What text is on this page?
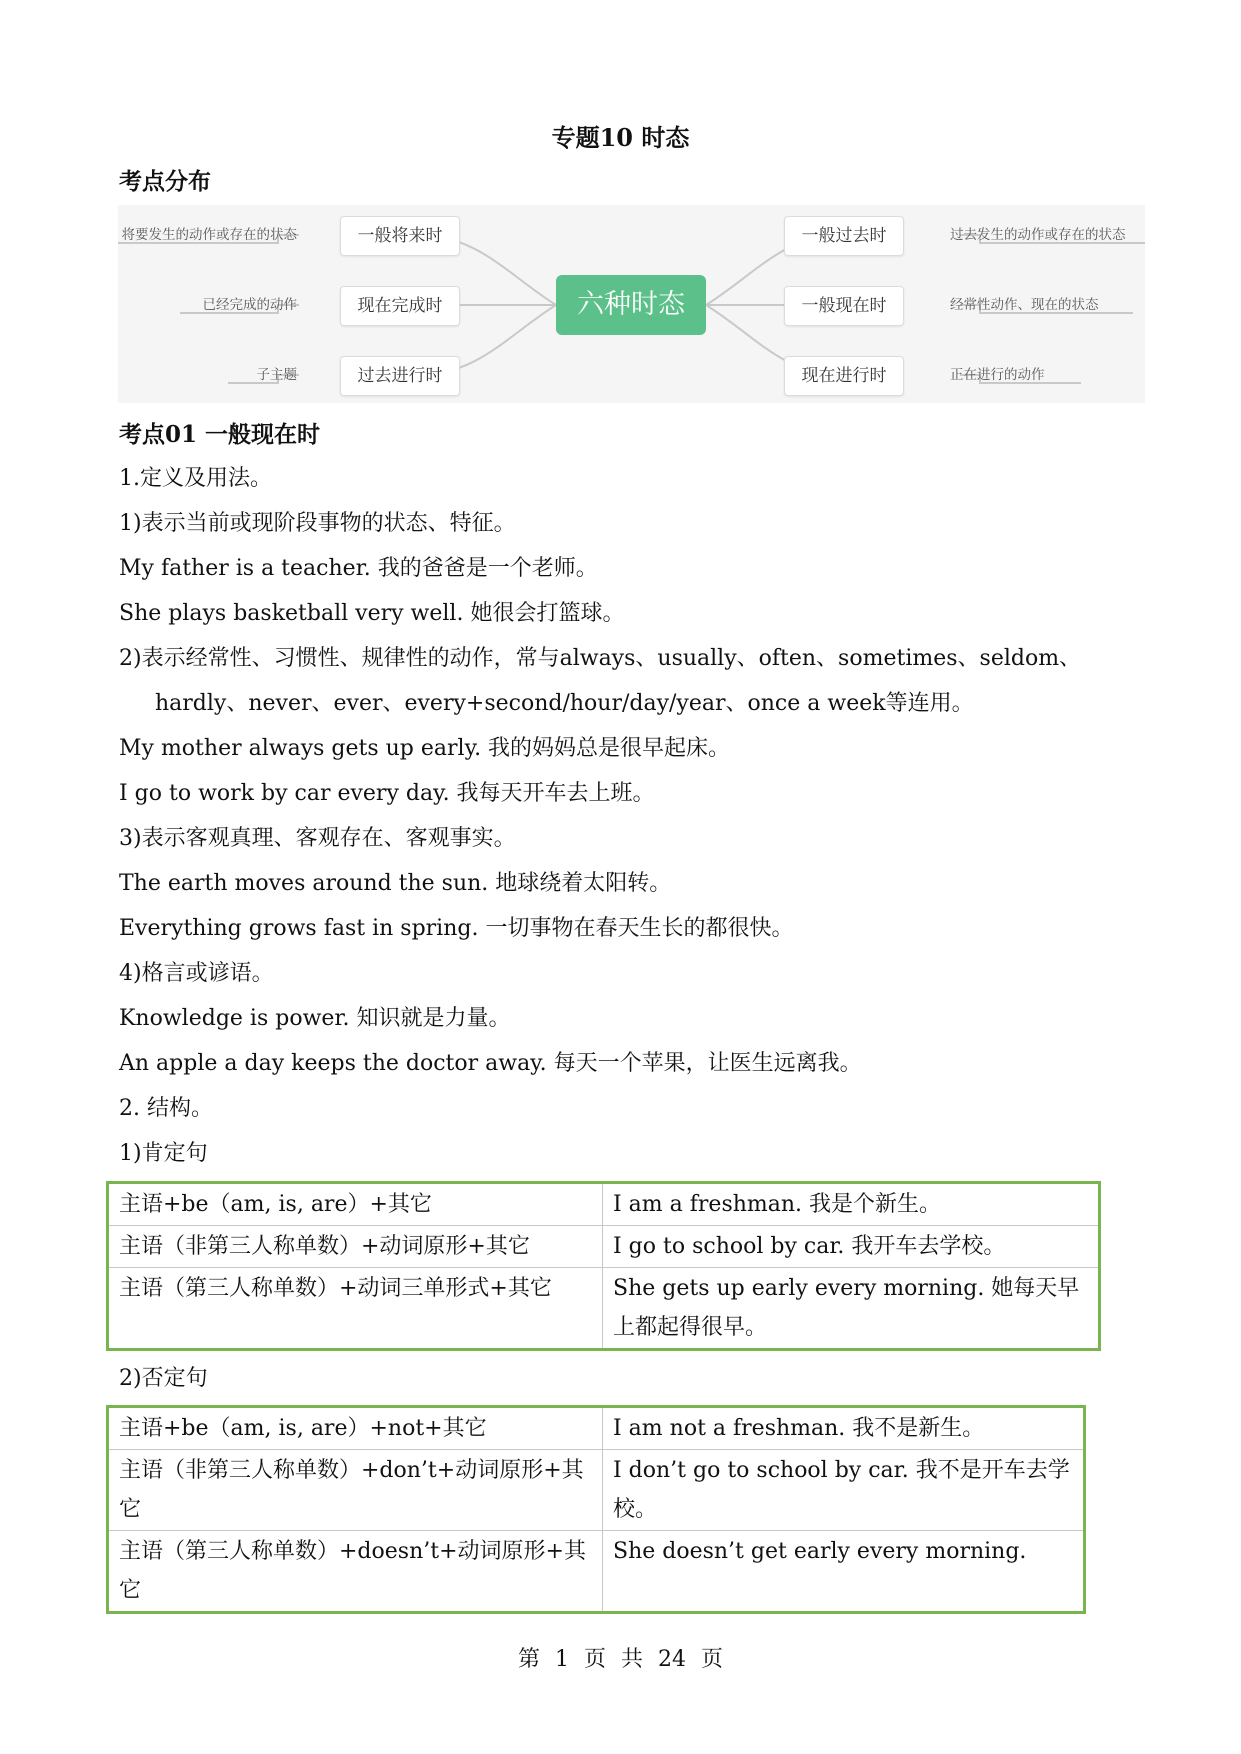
专题10 时态
考点分布
六种时态
一般将来时
现在完成时
过去进行时
一般过去时
一般现在时
现在进行时
将要发生的动作或存在的状态
已经完成的动作
子主题
过去发生的动作或存在的状态
经常性动作、现在的状态
正在进行的动作
考点01 一般现在时
1.定义及用法。
1)表示当前或现阶段事物的状态、特征。
My father is a teacher. 我的爸爸是一个老师。
She plays basketball very well. 她很会打篮球。
2)表示经常性、习惯性、规律性的动作，常与always、usually、often、sometimes、seldom、
hardly、never、ever、every+second/hour/day/year、once a week等连用。
My mother always gets up early. 我的妈妈总是很早起床。
I go to work by car every day. 我每天开车去上班。
3)表示客观真理、客观存在、客观事实。
The earth moves around the sun. 地球绕着太阳转。
Everything grows fast in spring. 一切事物在春天生长的都很快。
4)格言或谚语。
Knowledge is power. 知识就是力量。
An apple a day keeps the doctor away. 每天一个苹果，让医生远离我。
2. 结构。
1)肯定句
主语+be（am, is, are）+其它	I am a freshman. 我是个新生。
主语（非第三人称单数）+动词原形+其它	I go to school by car. 我开车去学校。
主语（第三人称单数）+动词三单形式+其它	She gets up early every morning. 她每天早上都起得很早。
2)否定句
主语+be（am, is, are）+not+其它	I am not a freshman. 我不是新生。
主语（非第三人称单数）+don’t+动词原形+其它	I don’t go to school by car. 我不是开车去学校。
主语（第三人称单数）+doesn’t+动词原形+其它	She doesn’t get early every morning.
第 1 页 共 24 页
